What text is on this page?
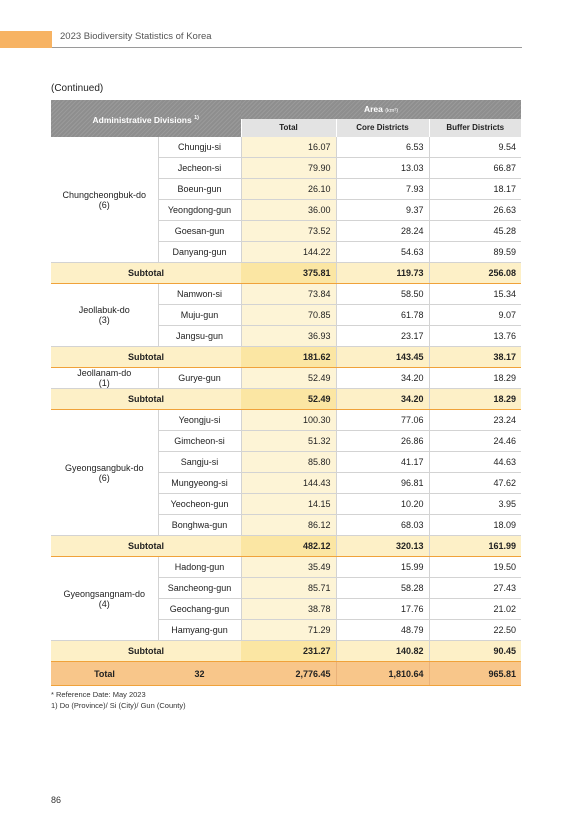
2023 Biodiversity Statistics of Korea
(Continued)
Administrative Divisions $^{1)}$		Area (km²)		
		Total	Core Districts	Buffer Districts

Chungcheongbuk-do
(6)	Chungju-si	16.07	6.53	9.54
	Jecheon-si	79.90	13.03	66.87
	Boeun-gun	26.10	7.93	18.17
	Yeongdong-gun	36.00	9.37	26.63
	Goesan-gun	73.52	28.24	45.28
	Danyang-gun	144.22	54.63	89.59
Subtotal		375.81	119.73	256.08

Jeollabuk-do
(3)	Namwon-si	73.84	58.50	15.34
	Muju-gun	70.85	61.78	9.07
	Jangsu-gun	36.93	23.17	13.76
Subtotal		181.62	143.45	38.17

Jeollanam-do
(1)	Gurye-gun	52.49	34.20	18.29
Subtotal		52.49	34.20	18.29

Gyeongsangbuk-do
(6)	Yeongju-si	100.30	77.06	23.24
	Gimcheon-si	51.32	26.86	24.46
	Sangju-si	85.80	41.17	44.63
	Mungyeong-si	144.43	96.81	47.62
	Yeocheon-gun	14.15	10.20	3.95
	Bonghwa-gun	86.12	68.03	18.09
Subtotal		482.12	320.13	161.99

Gyeongsangnam-do
(4)	Hadong-gun	35.49	15.99	19.50
	Sancheong-gun	85.71	58.28	27.43
	Geochang-gun	38.78	17.76	21.02
	Hamyang-gun	71.29	48.79	22.50
Subtotal		231.27	140.82	90.45
Total	32	2,776.45	1,810.64	965.81
* Reference Date: May 2023
1) Do (Province)/ Si (City)/ Gun (County)
86
